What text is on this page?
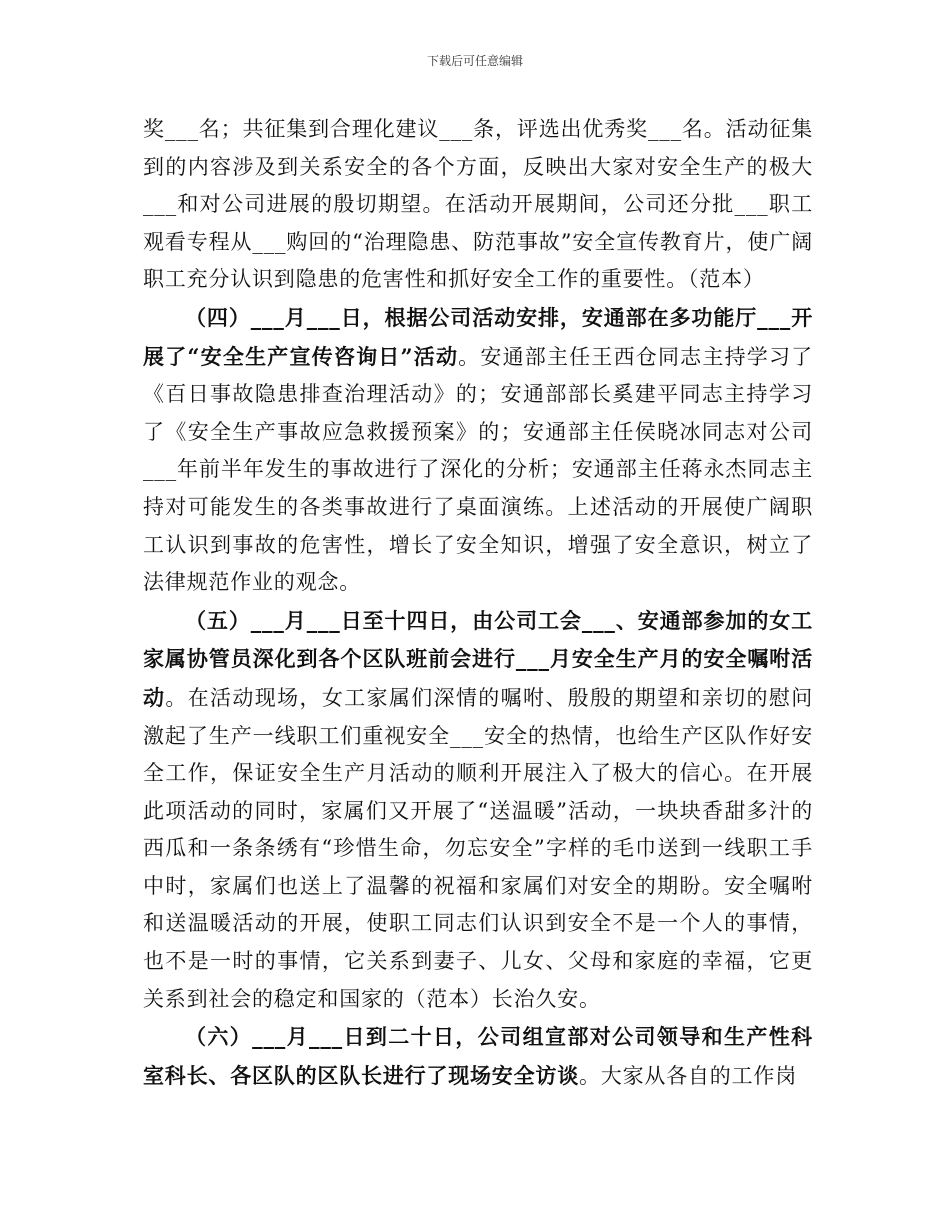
下载后可任意编辑

奖___名；共征集到合理化建议___条，评选出优秀奖___名。活动征集到的内容涉及到关系安全的各个方面，反映出大家对安全生产的极大___和对公司进展的殷切期望。在活动开展期间，公司还分批___职工观看专程从___购回的“治理隐患、防范事故”安全宣传教育片，使广阔职工充分认识到隐患的危害性和抓好安全工作的重要性。（范本）

（四）___月___日，根据公司活动安排，安通部在多功能厅___开展了“安全生产宣传咨询日”活动。安通部主任王西仓同志主持学习了《百日事故隐患排查治理活动》的；安通部部长奚建平同志主持学习了《安全生产事故应急救援预案》的；安通部主任侯晓冰同志对公司___年前半年发生的事故进行了深化的分析；安通部主任蒋永杰同志主持对可能发生的各类事故进行了桌面演练。上述活动的开展使广阔职工认识到事故的危害性，增长了安全知识，增强了安全意识，树立了法律规范作业的观念。

（五）___月___日至十四日，由公司工会___、安通部参加的女工家属协管员深化到各个区队班前会进行___月安全生产月的安全嘱咐活动。在活动现场，女工家属们深情的嘱咐、殷殷的期望和亲切的慰问激起了生产一线职工们重视安全___安全的热情，也给生产区队作好安全工作，保证安全生产月活动的顺利开展注入了极大的信心。在开展此项活动的同时，家属们又开展了“送温暖”活动，一块块香甜多汁的西瓜和一条条绣有“珍惜生命，勿忘安全”字样的毛巾送到一线职工手中时，家属们也送上了温馨的祝福和家属们对安全的期盼。安全嘱咐和送温暖活动的开展，使职工同志们认识到安全不是一个人的事情，也不是一时的事情，它关系到妻子、儿女、父母和家庭的幸福，它更关系到社会的稳定和国家的（范本）长治久安。

（六）___月___日到二十日，公司组宣部对公司领导和生产性科室科长、各区队的区队长进行了现场安全访谈。大家从各自的工作岗
